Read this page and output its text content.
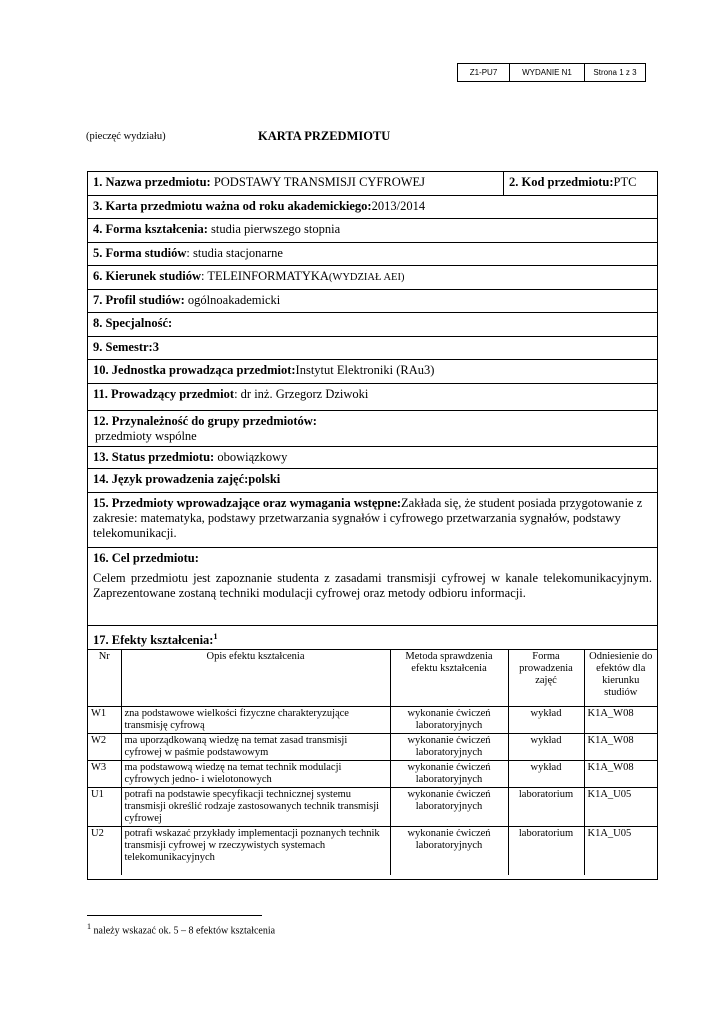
Z1-PU7	WYDANIE N1	Strona 1 z 3
(pieczęć wydziału)	KARTA PRZEDMIOTU
1. Nazwa przedmiotu: PODSTAWY TRANSMISJI CYFROWEJ	2. Kod przedmiotu:PTC
3. Karta przedmiotu ważna od roku akademickiego:2013/2014
4. Forma kształcenia: studia pierwszego stopnia
5. Forma studiów: studia stacjonarne
6. Kierunek studiów: TELEINFORMATYKA(WYDZIAŁ AEI)
7. Profil studiów: ogólnoakademicki
8. Specjalność:
9. Semestr:3
10. Jednostka prowadząca przedmiot:Instytut Elektroniki (RAu3)
11. Prowadzący przedmiot: dr inż. Grzegorz Dziwoki
12. Przynależność do grupy przedmiotów:
przedmioty wspólne
13. Status przedmiotu: obowiązkowy
14. Język prowadzenia zajęć:polski
15. Przedmioty wprowadzające oraz wymagania wstępne:Zakłada się, że student posiada przygotowanie z zakresie: matematyka, podstawy przetwarzania sygnałów i cyfrowego przetwarzania sygnałów, podstawy telekomunikacji.
16. Cel przedmiotu:
Celem przedmiotu jest zapoznanie studenta z zasadami transmisji cyfrowej w kanale telekomunikacyjnym. Zaprezentowane zostaną techniki modulacji cyfrowej oraz metody odbioru informacji.
17. Efekty kształcenia:$^1$
Nr	Opis efektu kształcenia	Metoda sprawdzenia efektu kształcenia	Forma prowadzenia zajęć	Odniesienie do efektów dla kierunku studiów
W1	zna podstawowe wielkości fizyczne charakteryzujące transmisję cyfrową	wykonanie ćwiczeń laboratoryjnych	wykład	K1A_W08
W2	ma uporządkowaną wiedzę na temat zasad transmisji cyfrowej w paśmie podstawowym	wykonanie ćwiczeń laboratoryjnych	wykład	K1A_W08
W3	ma podstawową wiedzę na temat technik modulacji cyfrowych jedno- i wielotonowych	wykonanie ćwiczeń laboratoryjnych	wykład	K1A_W08
U1	potrafi na podstawie specyfikacji technicznej systemu transmisji określić rodzaje zastosowanych technik transmisji cyfrowej	wykonanie ćwiczeń laboratoryjnych	laboratorium	K1A_U05
U2	potrafi wskazać przykłady implementacji poznanych technik transmisji cyfrowej w rzeczywistych systemach telekomunikacyjnych	wykonanie ćwiczeń laboratoryjnych	laboratorium	K1A_U05
$^1$ należy wskazać ok. 5 – 8 efektów kształcenia
